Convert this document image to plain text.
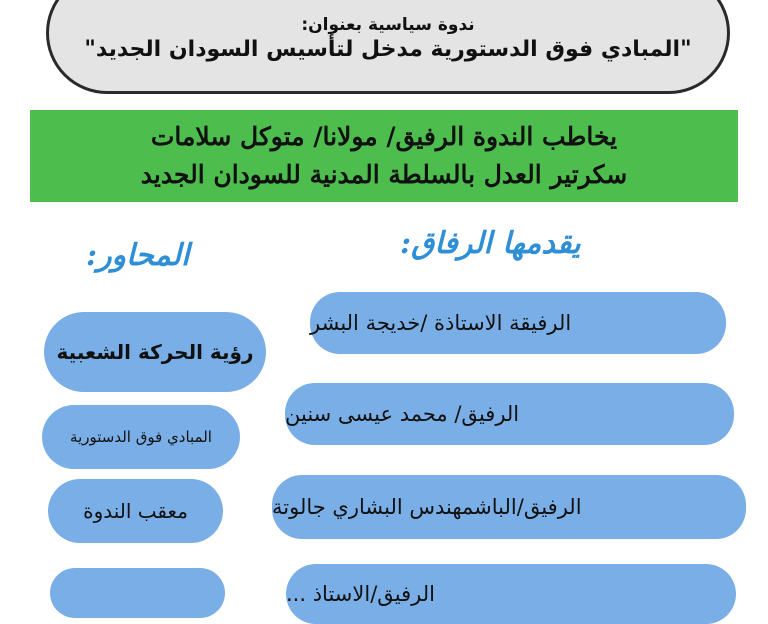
ندوة سياسية بعنوان:
"المبادي فوق الدستورية مدخل لتأسيس السودان الجديد"
يخاطب الندوة الرفيق/ مولانا/ متوكل سلامات
سكرتير العدل بالسلطة المدنية للسودان الجديد
يقدمها الرفاق:
المحاور:
الرفيقة الاستاذة /خديجة البشر
الرفيق/ محمد عيسى سنين
الرفيق/الباشمهندس البشاري جالوتة
الرفيق/الاستاذ ...
رؤية الحركة الشعبية
المبادي فوق الدستورية
معقب الندوة
